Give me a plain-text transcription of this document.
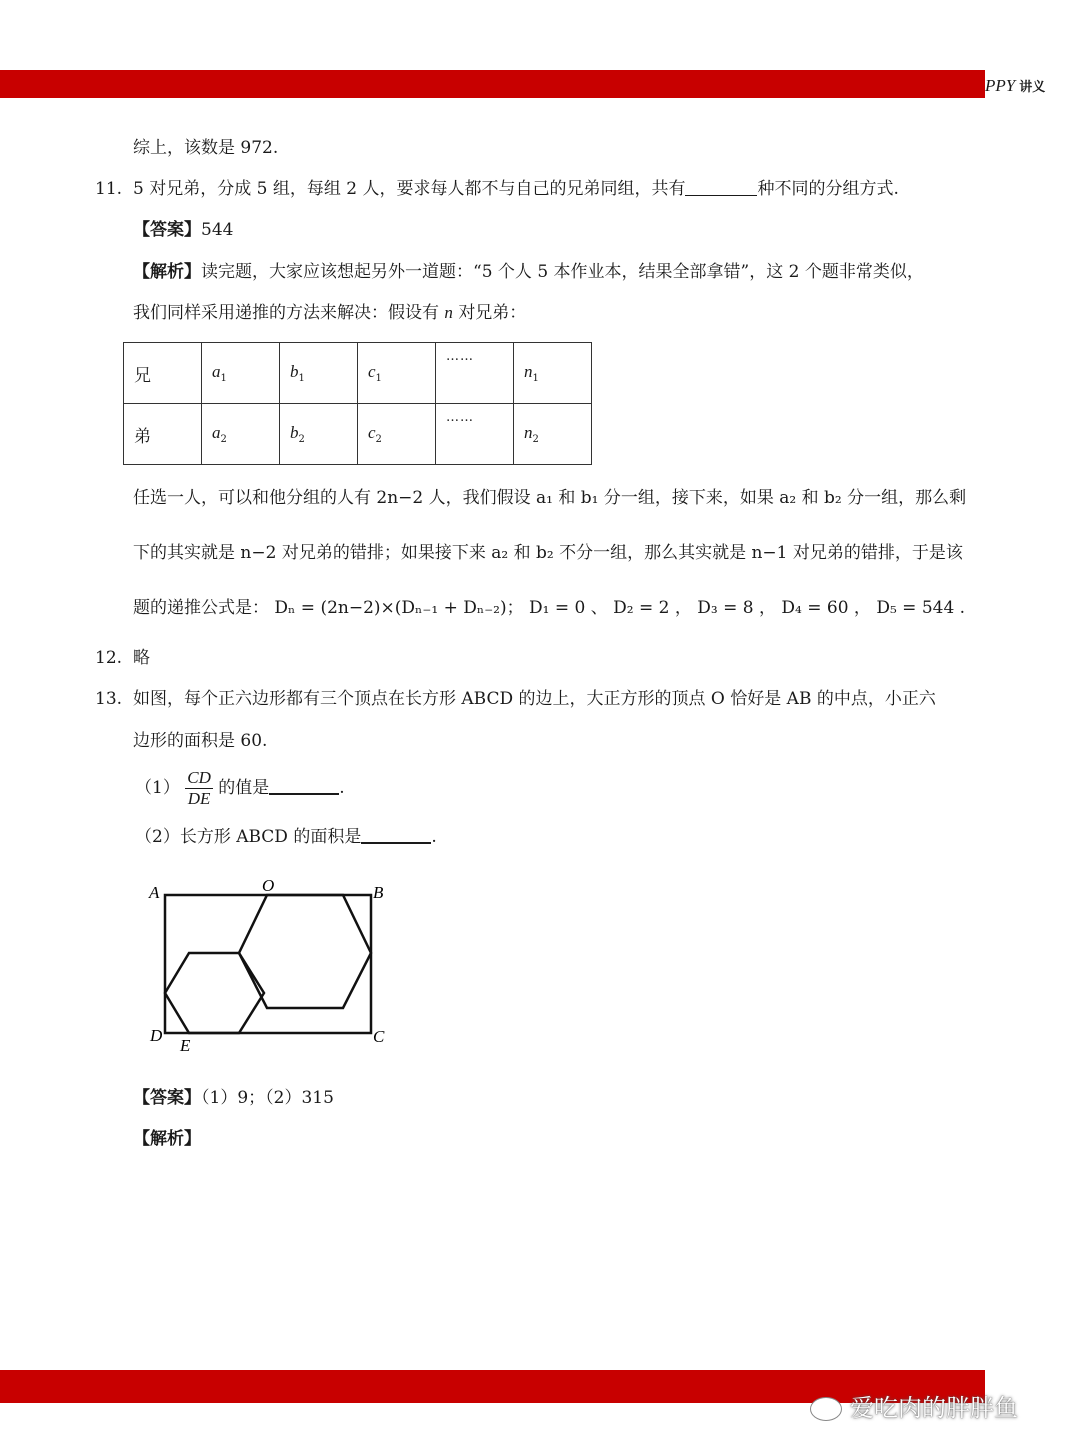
PPY 讲义
综上，该数是 972.
11. 5 对兄弟，分成 5 组，每组 2 人，要求每人都不与自己的兄弟同组，共有	种不同的分组方式.
【答案】544
【解析】读完题，大家应该想起另外一道题：“5 个人 5 本作业本，结果全部拿错”，这 2 个题非常类似，
我们同样采用递推的方法来解决：假设有 n 对兄弟：
兄	$a_1$	$b_1$	$c_1$	……	$n_1$
弟	$a_2$	$b_2$	$c_2$	……	$n_2$
任选一人，可以和他分组的人有 2n−2 人，我们假设 a₁ 和 b₁ 分一组，接下来，如果 a₂ 和 b₂ 分一组，那么剩
下的其实就是 n−2 对兄弟的错排；如果接下来 a₂ 和 b₂ 不分一组，那么其实就是 n−1 对兄弟的错排，于是该
题的递推公式是： Dₙ = (2n−2)×(Dₙ₋₁ + Dₙ₋₂)； D₁ = 0 、 D₂ = 2 ， D₃ = 8 ， D₄ = 60 ， D₅ = 544 .
12. 略
13. 如图，每个正六边形都有三个顶点在长方形 ABCD 的边上，大正方形的顶点 O 恰好是 AB 的中点，小正六
边形的面积是 60.
$(1) \frac{CD}{DE}$ 的值是	.
（2）长方形 ABCD 的面积是	.
A	O	B
D
E	C
【答案】（1）9；（2）315
【解析】
爱吃肉的胖胖鱼
